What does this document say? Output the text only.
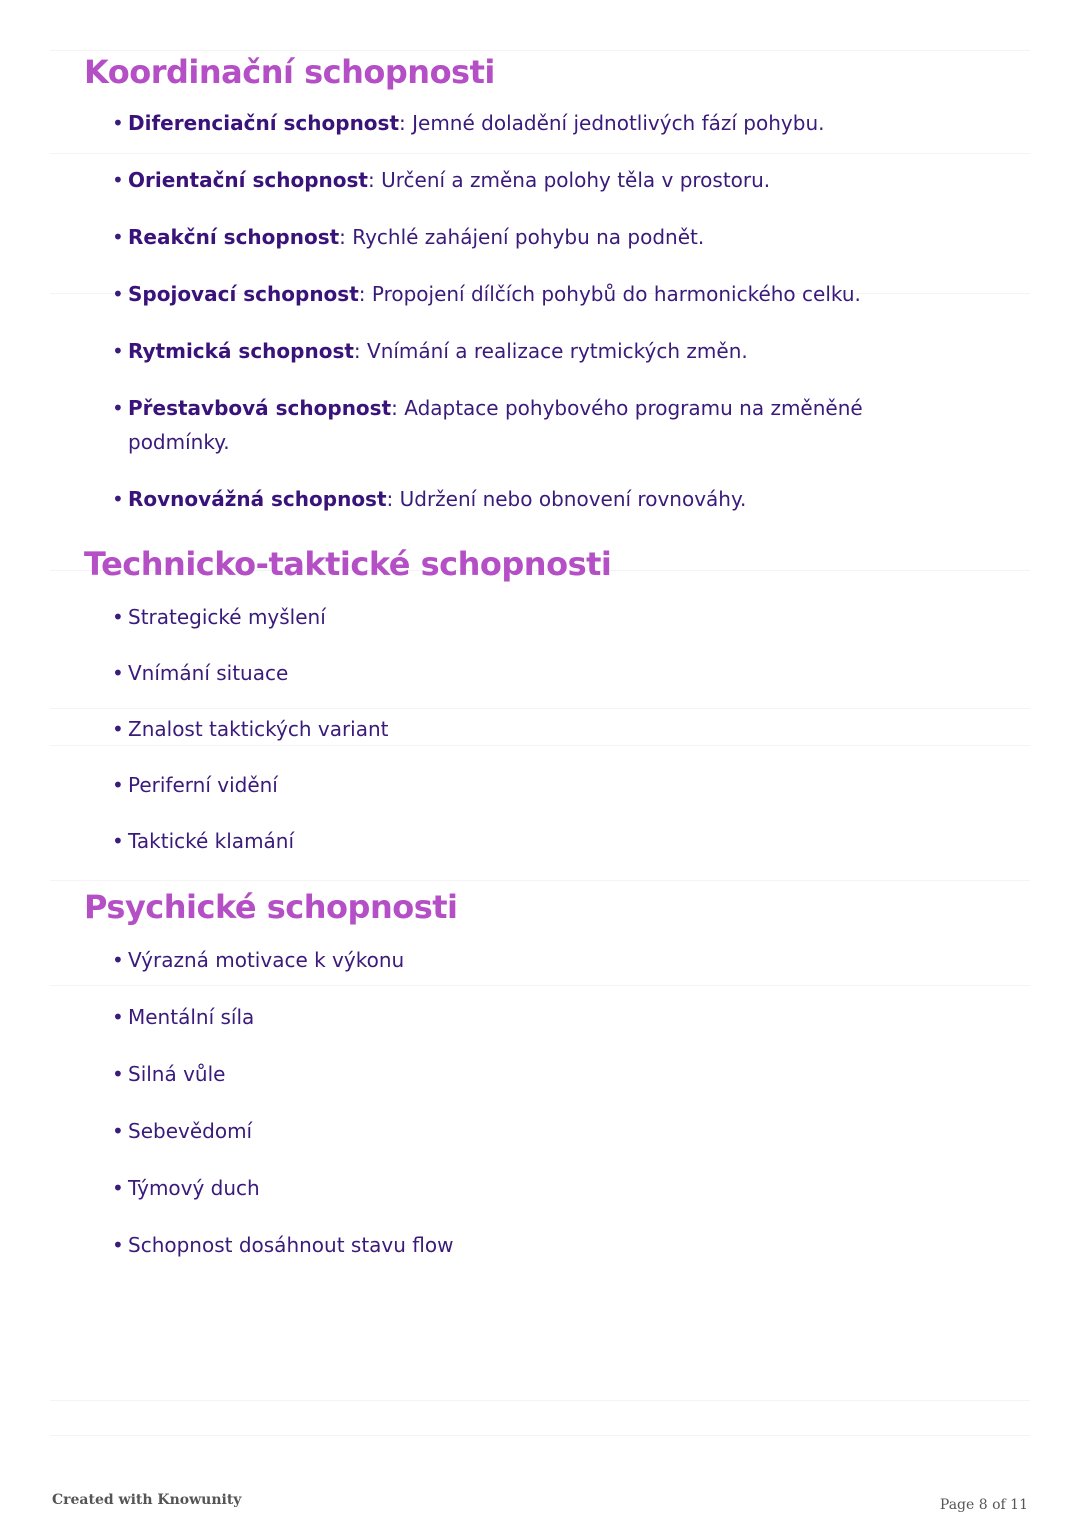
Koordinační schopnosti
• Diferenciační schopnost: Jemné doladění jednotlivých fází pohybu.
• Orientační schopnost: Určení a změna polohy těla v prostoru.
• Reakční schopnost: Rychlé zahájení pohybu na podnět.
• Spojovací schopnost: Propojení dílčích pohybů do harmonického celku.
• Rytmická schopnost: Vnímání a realizace rytmických změn.
• Přestavbová schopnost: Adaptace pohybového programu na změněné podmínky.
• Rovnovážná schopnost: Udržení nebo obnovení rovnováhy.
Technicko-taktické schopnosti
• Strategické myšlení
• Vnímání situace
• Znalost taktických variant
• Periferní vidění
• Taktické klamání
Psychické schopnosti
• Výrazná motivace k výkonu
• Mentální síla
• Silná vůle
• Sebevědomí
• Týmový duch
• Schopnost dosáhnout stavu flow
Created with Knowunity	Page 8 of 11
